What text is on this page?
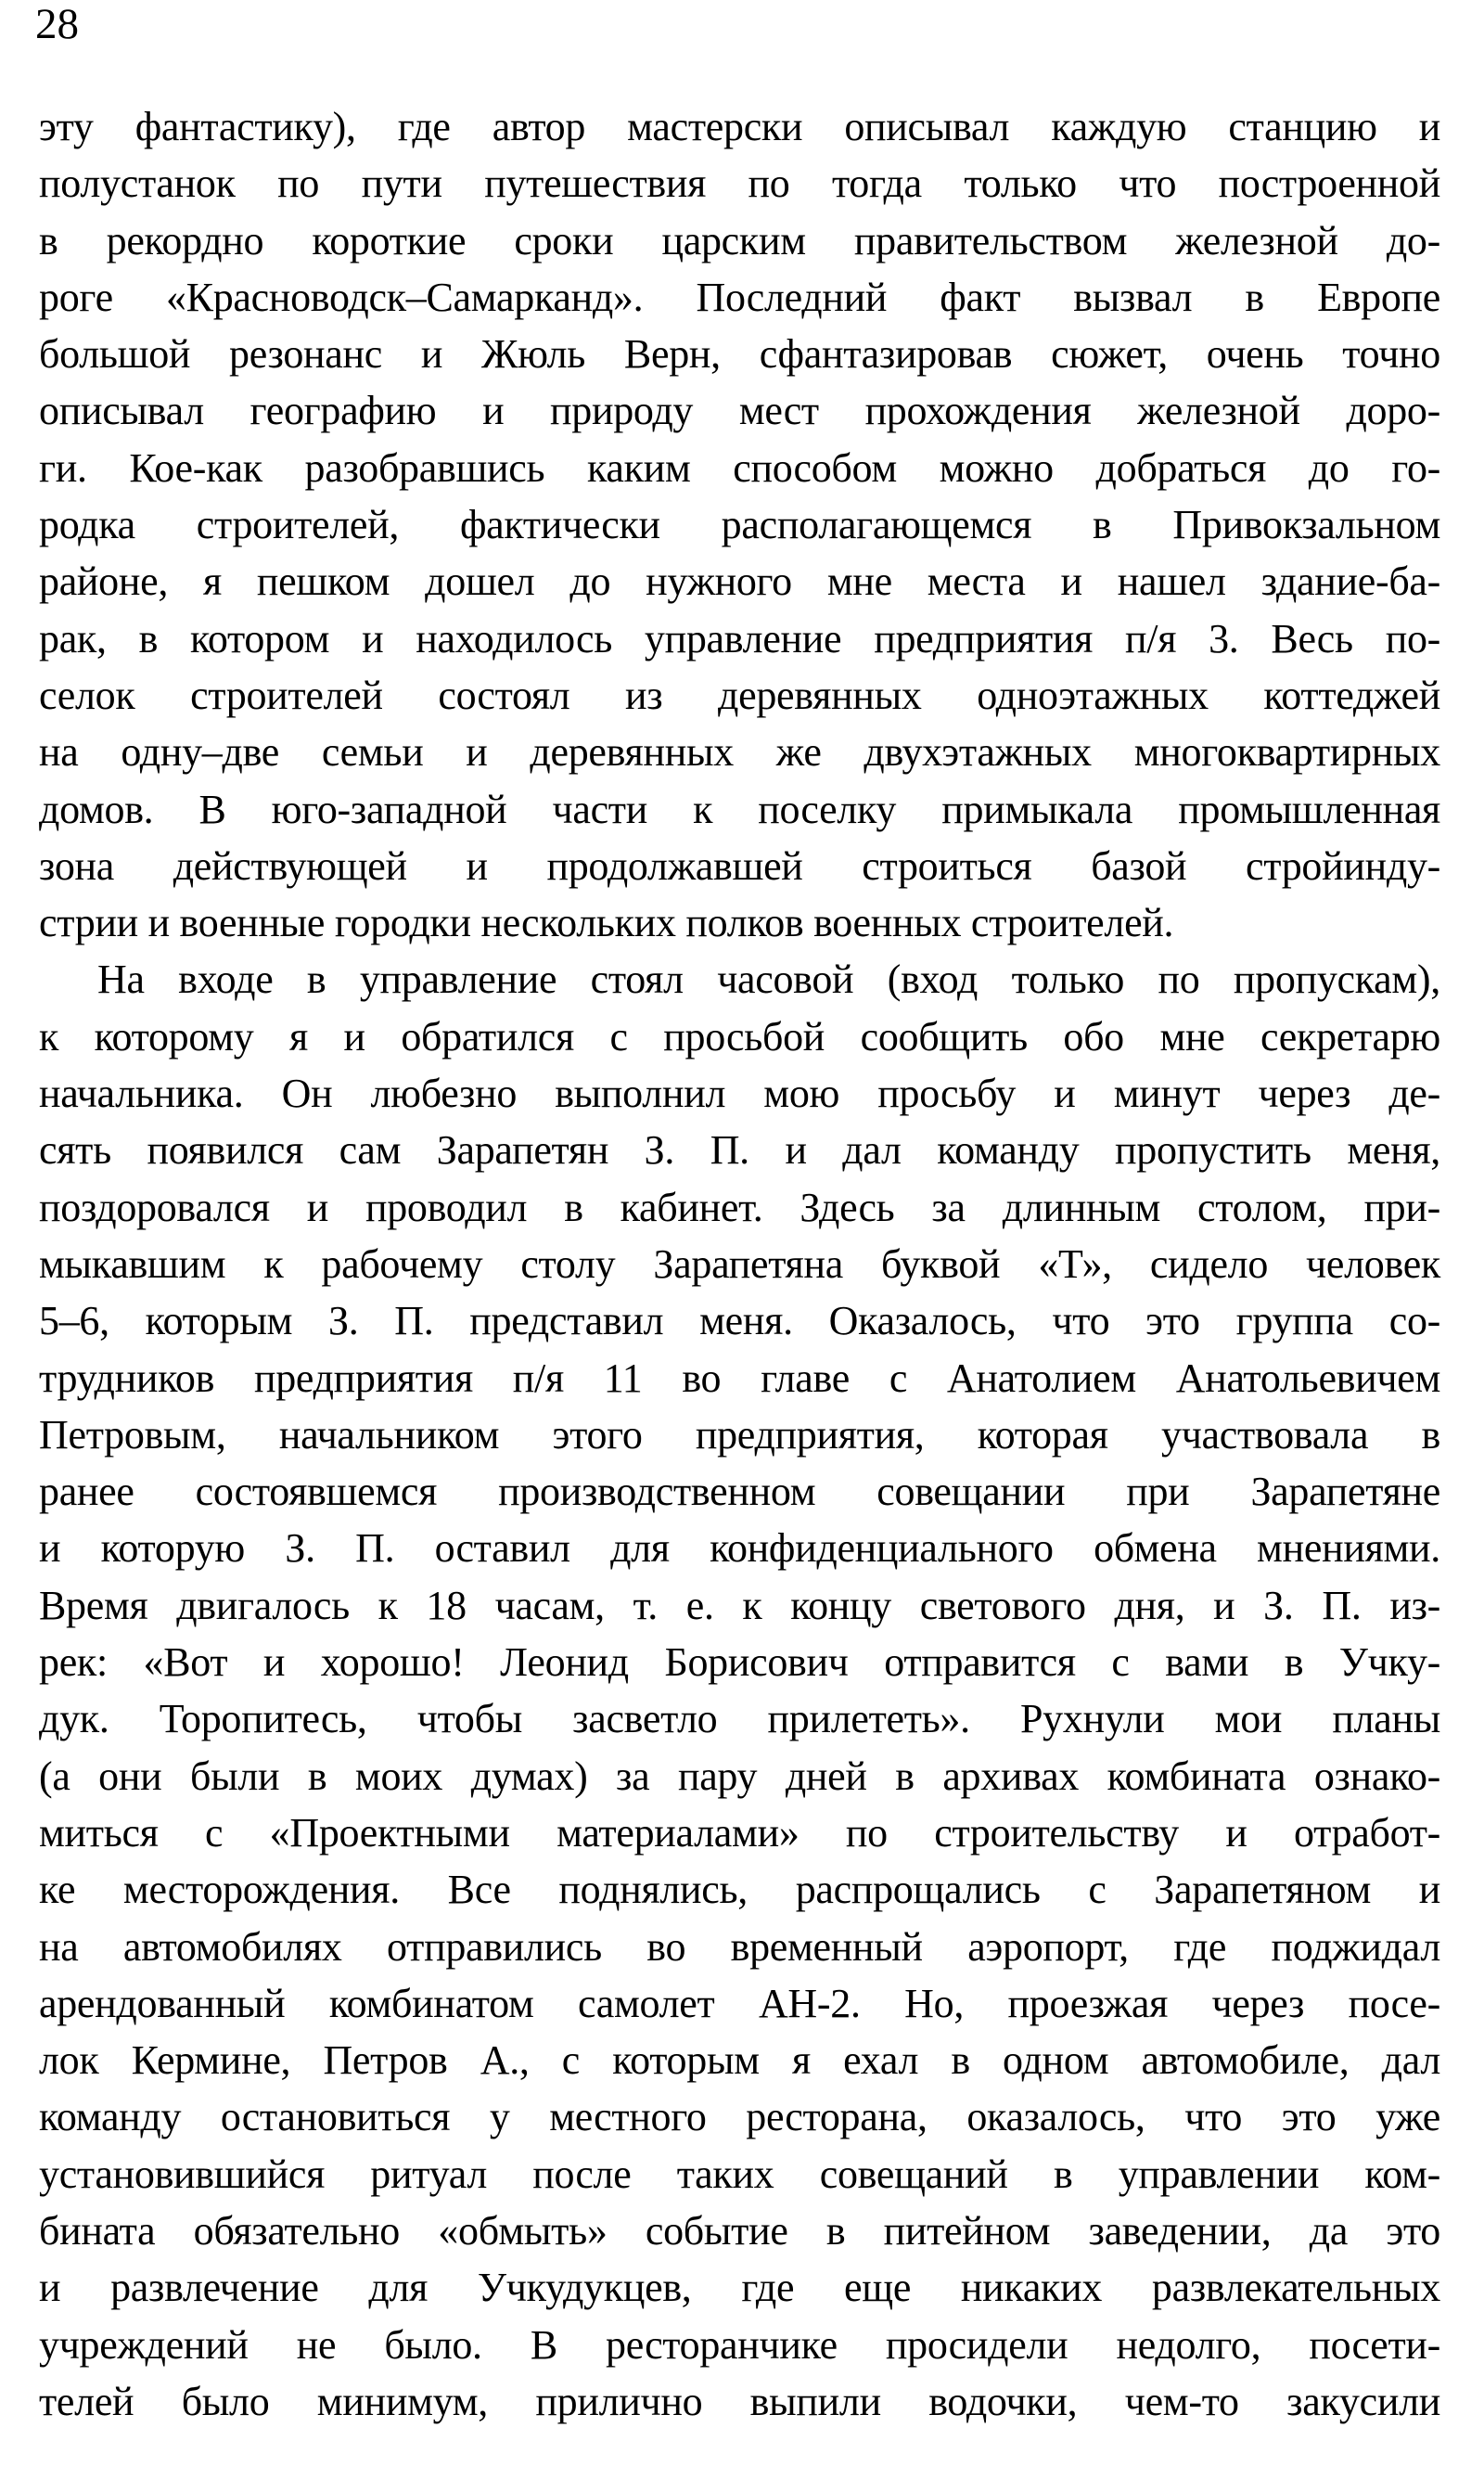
28
эту фантастику), где автор мастерски описывал каждую станцию и
полустанок по пути путешествия по тогда только что построенной
в рекордно короткие сроки царским правительством железной до-
роге «Красноводск–Самарканд». Последний факт вызвал в Европе
большой резонанс и Жюль Верн, сфантазировав сюжет, очень точно
описывал географию и природу мест прохождения железной доро-
ги. Кое-как разобравшись каким способом можно добраться до го-
родка строителей, фактически располагающемся в Привокзальном
районе, я пешком дошел до нужного мне места и нашел здание-ба-
рак, в котором и находилось управление предприятия п/я 3. Весь по-
селок строителей состоял из деревянных одноэтажных коттеджей
на одну–две семьи и деревянных же двухэтажных многоквартирных
домов. В юго-западной части к поселку примыкала промышленная
зона действующей и продолжавшей строиться базой стройинду-
стрии и военные городки нескольких полков военных строителей.
На входе в управление стоял часовой (вход только по пропускам),
к которому я и обратился с просьбой сообщить обо мне секретарю
начальника. Он любезно выполнил мою просьбу и минут через де-
сять появился сам Зарапетян З. П. и дал команду пропустить меня,
поздоровался и проводил в кабинет. Здесь за длинным столом, при-
мыкавшим к рабочему столу Зарапетяна буквой «Т», сидело человек
5–6, которым З. П. представил меня. Оказалось, что это группа со-
трудников предприятия п/я 11 во главе с Анатолием Анатольевичем
Петровым, начальником этого предприятия, которая участвовала в
ранее состоявшемся производственном совещании при Зарапетяне
и которую З. П. оставил для конфиденциального обмена мнениями.
Время двигалось к 18 часам, т. е. к концу светового дня, и З. П. из-
рек: «Вот и хорошо! Леонид Борисович отправится с вами в Учку-
дук. Торопитесь, чтобы засветло прилететь». Рухнули мои планы
(а они были в моих думах) за пару дней в архивах комбината ознако-
миться с «Проектными материалами» по строительству и отработ-
ке месторождения. Все поднялись, распрощались с Зарапетяном и
на автомобилях отправились во временный аэропорт, где поджидал
арендованный комбинатом самолет АН-2. Но, проезжая через посе-
лок Кермине, Петров А., с которым я ехал в одном автомобиле, дал
команду остановиться у местного ресторана, оказалось, что это уже
установившийся ритуал после таких совещаний в управлении ком-
бината обязательно «обмыть» событие в питейном заведении, да это
и развлечение для Учкудукцев, где еще никаких развлекательных
учреждений не было. В ресторанчике просидели недолго, посети-
телей было минимум, прилично выпили водочки, чем-то закусили
